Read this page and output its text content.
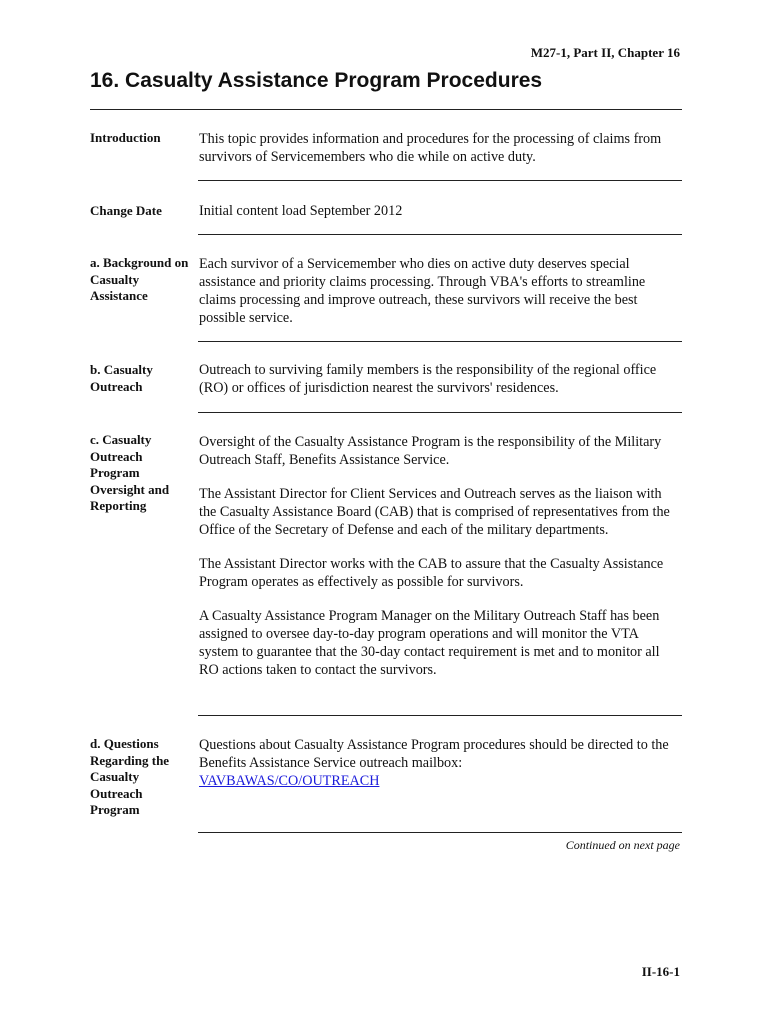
M27-1, Part II, Chapter 16
16. Casualty Assistance Program Procedures
Introduction	This topic provides information and procedures for the processing of claims from survivors of Servicemembers who die while on active duty.

Change Date	Initial content load September 2012

a. Background on Casualty Assistance

Each survivor of a Servicemember who dies on active duty deserves special assistance and priority claims processing. Through VBA's efforts to streamline claims processing and improve outreach, these survivors will receive the best possible service.

b. Casualty Outreach

Outreach to surviving family members is the responsibility of the regional office (RO) or offices of jurisdiction nearest the survivors' residences.

c. Casualty Outreach Program Oversight and Reporting

Oversight of the Casualty Assistance Program is the responsibility of the Military Outreach Staff, Benefits Assistance Service.

The Assistant Director for Client Services and Outreach serves as the liaison with the Casualty Assistance Board (CAB) that is comprised of representatives from the Office of the Secretary of Defense and each of the military departments.

The Assistant Director works with the CAB to assure that the Casualty Assistance Program operates as effectively as possible for survivors.

A Casualty Assistance Program Manager on the Military Outreach Staff has been assigned to oversee day-to-day program operations and will monitor the VTA system to guarantee that the 30-day contact requirement is met and to monitor all RO actions taken to contact the survivors.

d. Questions Regarding the Casualty Outreach Program

Questions about Casualty Assistance Program procedures should be directed to the Benefits Assistance Service outreach mailbox:
VAVBAWAS/CO/OUTREACH

Continued on next page
II-16-1
